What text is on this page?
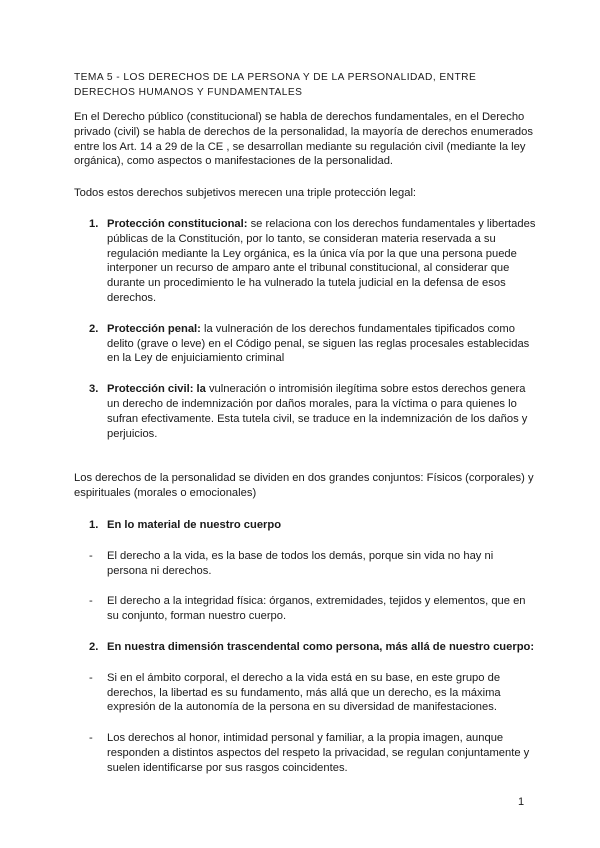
TEMA 5 - LOS DERECHOS DE LA PERSONA Y DE LA PERSONALIDAD, ENTRE DERECHOS HUMANOS Y FUNDAMENTALES

En el Derecho público (constitucional) se habla de derechos fundamentales, en el Derecho privado (civil) se habla de derechos de la personalidad, la mayoría de derechos enumerados entre los Art. 14 a 29 de la CE , se desarrollan mediante su regulación civil (mediante la ley orgánica), como aspectos o manifestaciones de la personalidad.

Todos estos derechos subjetivos merecen una triple protección legal:

1. Protección constitucional: se relaciona con los derechos fundamentales y libertades públicas de la Constitución, por lo tanto, se consideran materia reservada a su regulación mediante la Ley orgánica, es la única vía por la que una persona puede interponer un recurso de amparo ante el tribunal constitucional, al considerar que durante un procedimiento le ha vulnerado la tutela judicial en la defensa de esos derechos.
2. Protección penal: la vulneración de los derechos fundamentales tipificados como delito (grave o leve) en el Código penal, se siguen las reglas procesales establecidas en la Ley de enjuiciamiento criminal
3. Protección civil: la vulneración o intromisión ilegítima sobre estos derechos genera un derecho de indemnización por daños morales, para la víctima o para quienes lo sufran efectivamente. Esta tutela civil, se traduce en la indemnización de los daños y perjuicios.

Los derechos de la personalidad se dividen en dos grandes conjuntos: Físicos (corporales) y espirituales (morales o emocionales)

1. En lo material de nuestro cuerpo
- El derecho a la vida, es la base de todos los demás, porque sin vida no hay ni persona ni derechos.
- El derecho a la integridad física: órganos, extremidades, tejidos y elementos, que en su conjunto, forman nuestro cuerpo.
2. En nuestra dimensión trascendental como persona, más allá de nuestro cuerpo:
- Si en el ámbito corporal, el derecho a la vida está en su base, en este grupo de derechos, la libertad es su fundamento, más allá que un derecho, es la máxima expresión de la autonomía de la persona en su diversidad de manifestaciones.
- Los derechos al honor, intimidad personal y familiar, a la propia imagen, aunque responden a distintos aspectos del respeto la privacidad, se regulan conjuntamente y suelen identificarse por sus rasgos coincidentes.
1
